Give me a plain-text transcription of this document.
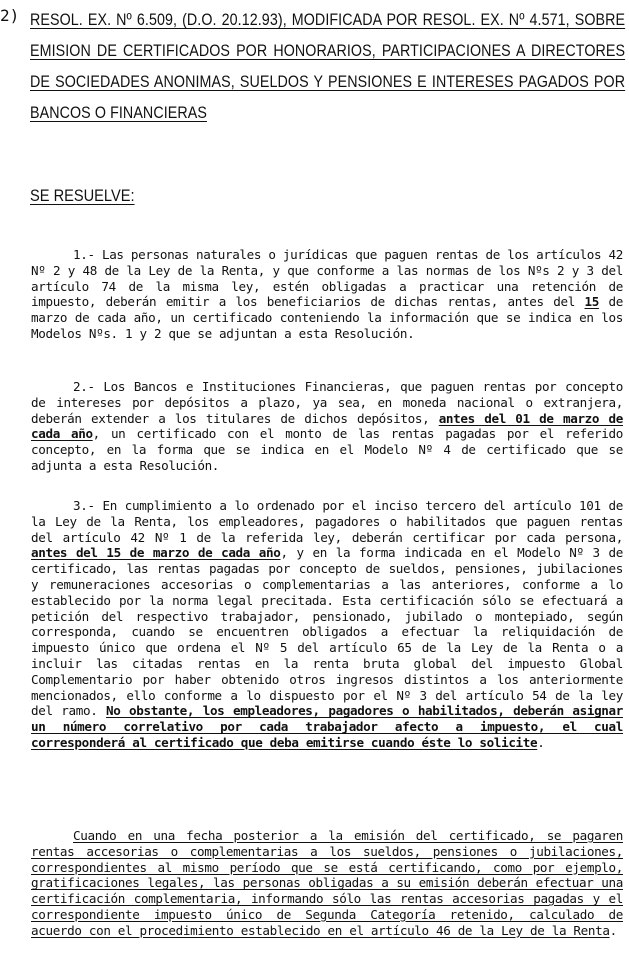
2) RESOL. EX. Nº 6.509, (D.O. 20.12.93), MODIFICADA POR RESOL. EX. Nº 4.571, SOBRE EMISION DE CERTIFICADOS POR HONORARIOS, PARTICIPACIONES A DIRECTORES DE SOCIEDADES ANONIMAS, SUELDOS Y PENSIONES E INTERESES PAGADOS POR BANCOS O FINANCIERAS
SE RESUELVE:
1.- Las personas naturales o jurídicas que paguen rentas de los artículos 42 Nº 2 y 48 de la Ley de la Renta, y que conforme a las normas de los Nºs 2 y 3 del artículo 74 de la misma ley, estén obligadas a practicar una retención de impuesto, deberán emitir a los beneficiarios de dichas rentas, antes del 15 de marzo de cada año, un certificado conteniendo la información que se indica en los Modelos Nºs. 1 y 2 que se adjuntan a esta Resolución.
2.- Los Bancos e Instituciones Financieras, que paguen rentas por concepto de intereses por depósitos a plazo, ya sea, en moneda nacional o extranjera, deberán extender a los titulares de dichos depósitos, antes del 01 de marzo de cada año, un certificado con el monto de las rentas pagadas por el referido concepto, en la forma que se indica en el Modelo Nº 4 de certificado que se adjunta a esta Resolución.
3.- En cumplimiento a lo ordenado por el inciso tercero del artículo 101 de la Ley de la Renta, los empleadores, pagadores o habilitados que paguen rentas del artículo 42 Nº 1 de la referida ley, deberán certificar por cada persona, antes del 15 de marzo de cada año, y en la forma indicada en el Modelo Nº 3 de certificado, las rentas pagadas por concepto de sueldos, pensiones, jubilaciones y remuneraciones accesorias o complementarias a las anteriores, conforme a lo establecido por la norma legal precitada. Esta certificación sólo se efectuará a petición del respectivo trabajador, pensionado, jubilado o montepiado, según corresponda, cuando se encuentren obligados a efectuar la reliquidación de impuesto único que ordena el Nº 5 del artículo 65 de la Ley de la Renta o a incluir las citadas rentas en la renta bruta global del impuesto Global Complementario por haber obtenido otros ingresos distintos a los anteriormente mencionados, ello conforme a lo dispuesto por el Nº 3 del artículo 54 de la ley del ramo. No obstante, los empleadores, pagadores o habilitados, deberán asignar un número correlativo por cada trabajador afecto a impuesto, el cual corresponderá al certificado que deba emitirse cuando éste lo solicite.
Cuando en una fecha posterior a la emisión del certificado, se pagaren rentas accesorias o complementarias a los sueldos, pensiones o jubilaciones, correspondientes al mismo período que se está certificando, como por ejemplo, gratificaciones legales, las personas obligadas a su emisión deberán efectuar una certificación complementaria, informando sólo las rentas accesorias pagadas y el correspondiente impuesto único de Segunda Categoría retenido, calculado de acuerdo con el procedimiento establecido en el artículo 46 de la Ley de la Renta.
